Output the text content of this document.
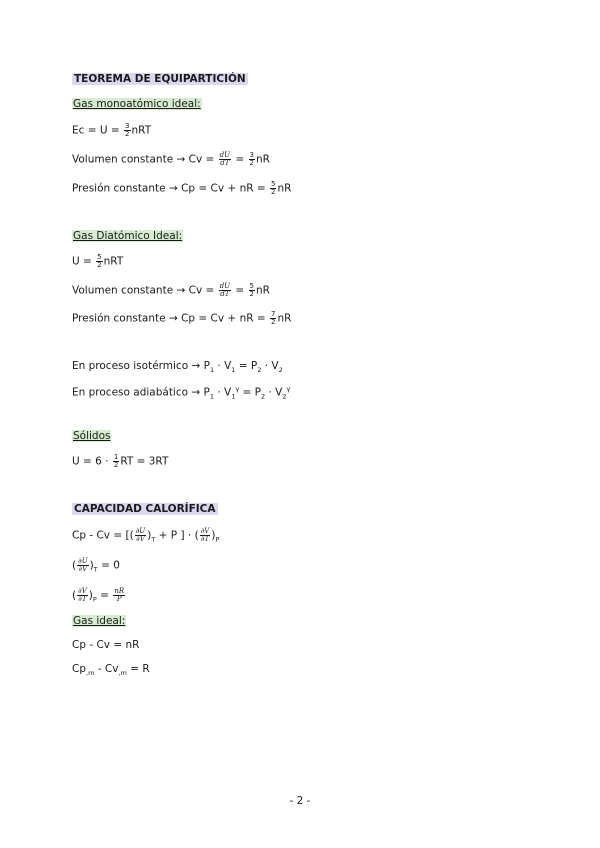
TEOREMA DE EQUIPARTICIÓN
Gas monoatómico ideal:
$Ec = U = \frac{3}{2}$ nRT
Volumen constante → $Cv = \frac{dU}{dT} = \frac{3}{2}$ nR
Presión constante → Cp = Cv + nR = $\frac{5}{2}$ nR
Gas Diatómico Ideal:
$U = \frac{5}{2}$ nRT
Volumen constante → $Cv = \frac{dU}{dT} = \frac{5}{2}$ nR
Presión constante → Cp = Cv + nR = $\frac{7}{2}$ nR
En proceso isotérmico → $P_1 \cdot V_1 = P_2 \cdot V_2$
En proceso adiabático → $P_1 \cdot V_1^\gamma = P_2 \cdot V_2^\gamma$
Sólidos
$U = 6 \cdot \frac{1}{2}$ RT = 3RT
CAPACIDAD CALORÍFICA
Cp - Cv = [( $\frac{\partial U}{\partial V} )_T + P$ ] · ( $\frac{\partial V}{\partial T} )_P$
( $\frac{\partial U}{\partial V} )_T = 0$
( $\frac{\partial V}{\partial T} )_P = \frac{nR}{P}$
Gas ideal:
Cp - Cv = nR
$Cp_{,m} - Cv_{,m} = R$
- 2 -
